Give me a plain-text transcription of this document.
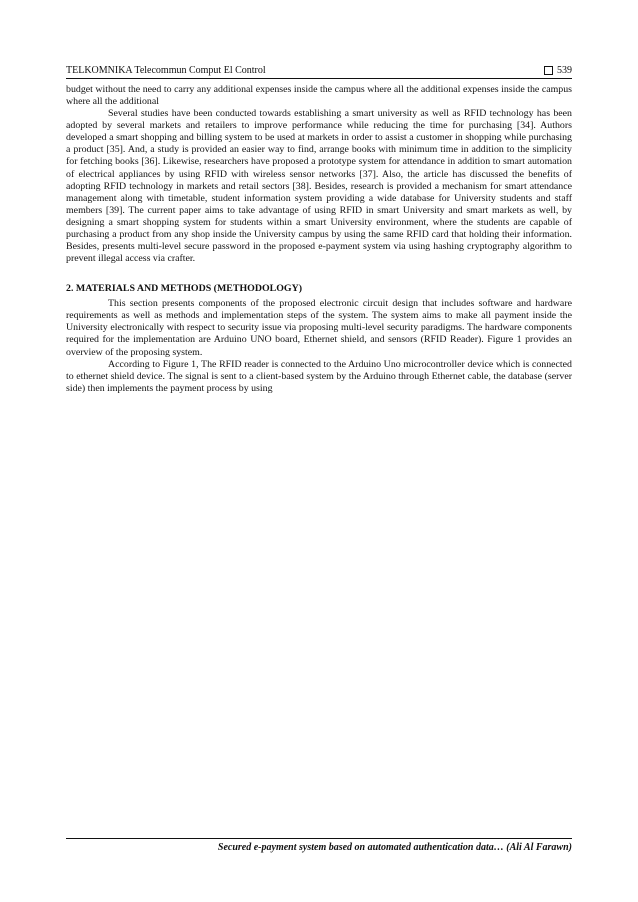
TELKOMNIKA Telecommun Comput El Control	539

budget without the need to carry any additional expenses inside the campus where all the additional expenses inside the campus where all the additional

Several studies have been conducted towards establishing a smart university as well as RFID technology has been adopted by several markets and retailers to improve performance while reducing the time for purchasing [34]. Authors developed a smart shopping and billing system to be used at markets in order to assist a customer in shopping while purchasing a product [35]. And, a study is provided an easier way to find, arrange books with minimum time in addition to the simplicity for fetching books [36]. Likewise, researchers have proposed a prototype system for attendance in addition to smart automation of electrical appliances by using RFID with wireless sensor networks [37]. Also, the article has discussed the benefits of adopting RFID technology in markets and retail sectors [38]. Besides, research is provided a mechanism for smart attendance management along with timetable, student information system providing a wide database for University students and staff members [39]. The current paper aims to take advantage of using RFID in smart University and smart markets as well, by designing a smart shopping system for students within a smart University environment, where the students are capable of purchasing a product from any shop inside the University campus by using the same RFID card that holding their information. Besides, presents multi-level secure password in the proposed e-payment system via using hashing cryptography algorithm to prevent illegal access via crafter.

2. MATERIALS AND METHODS (METHODOLOGY)

This section presents components of the proposed electronic circuit design that includes software and hardware requirements as well as methods and implementation steps of the system. The system aims to make all payment inside the University electronically with respect to security issue via proposing multi-level security paradigms. The hardware components required for the implementation are Arduino UNO board, Ethernet shield, and sensors (RFID Reader). Figure 1 provides an overview of the proposing system.

According to Figure 1, The RFID reader is connected to the Arduino Uno microcontroller device which is connected to ethernet shield device. The signal is sent to a client-based system by the Arduino through Ethernet cable, the database (server side) then implements the payment process by using

Secured e-payment system based on automated authentication data… (Ali Al Farawn)
